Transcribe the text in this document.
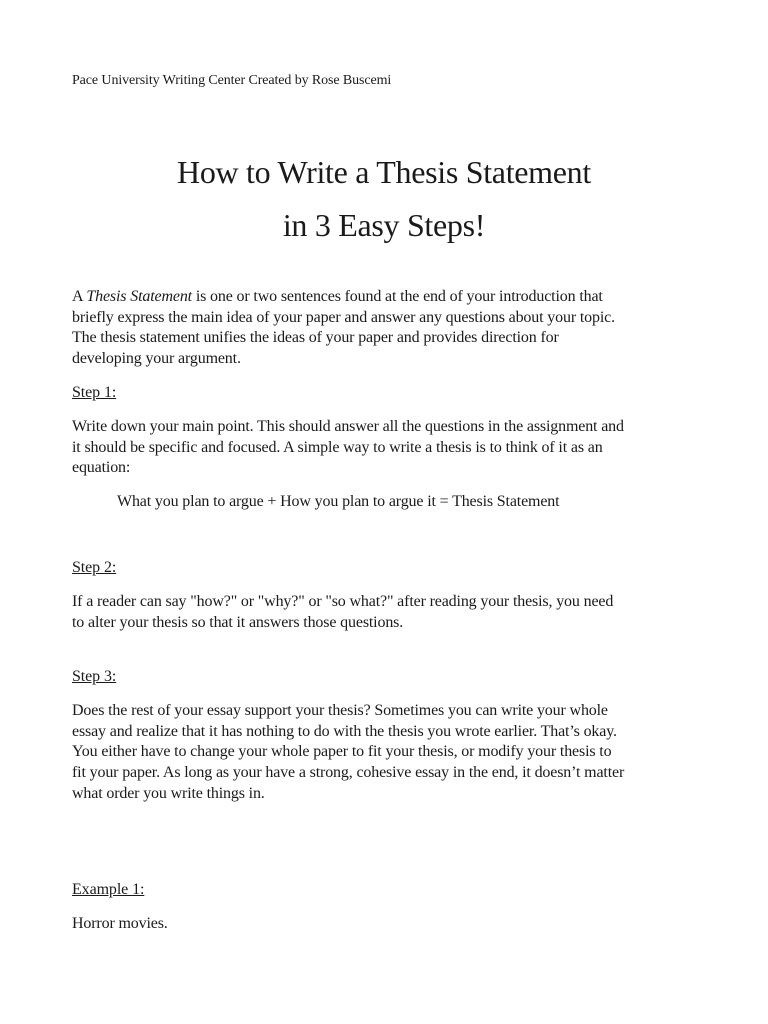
Pace University Writing Center Created by Rose Buscemi
How to Write a Thesis Statement
in 3 Easy Steps!
A Thesis Statement is one or two sentences found at the end of your introduction that
briefly express the main idea of your paper and answer any questions about your topic.
The thesis statement unifies the ideas of your paper and provides direction for
developing your argument.
Step 1:
Write down your main point. This should answer all the questions in the assignment and
it should be specific and focused. A simple way to write a thesis is to think of it as an
equation:
What you plan to argue + How you plan to argue it = Thesis Statement
Step 2:
If a reader can say "how?" or "why?" or "so what?" after reading your thesis, you need
to alter your thesis so that it answers those questions.
Step 3:
Does the rest of your essay support your thesis? Sometimes you can write your whole
essay and realize that it has nothing to do with the thesis you wrote earlier. That’s okay.
You either have to change your whole paper to fit your thesis, or modify your thesis to
fit your paper. As long as your have a strong, cohesive essay in the end, it doesn’t matter
what order you write things in.
Example 1:
Horror movies.
